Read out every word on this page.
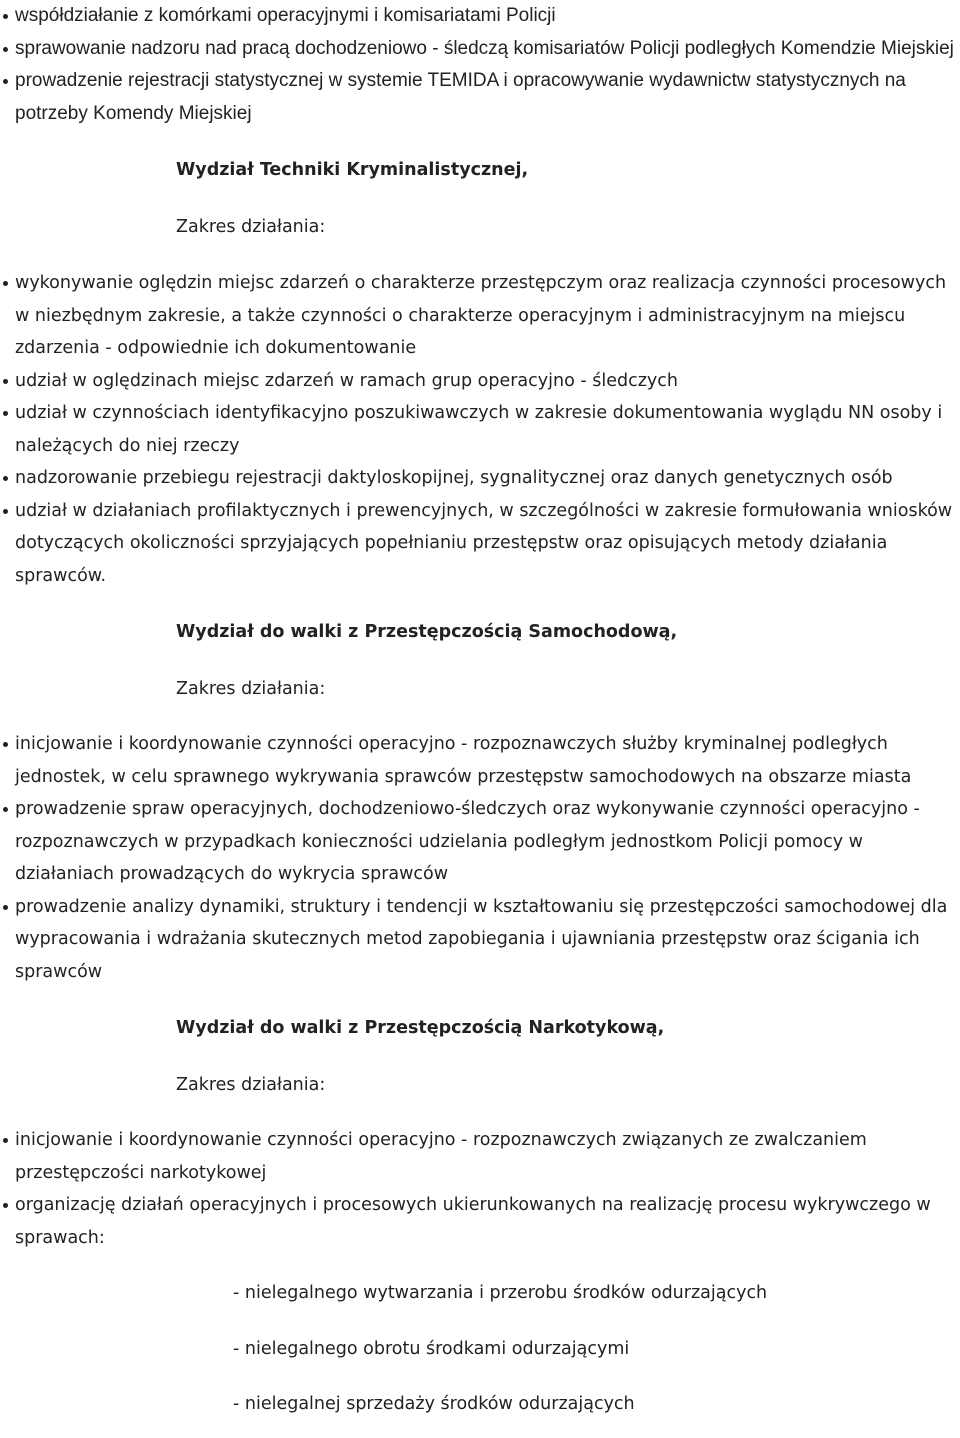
współdziałanie z komórkami operacyjnymi i komisariatami Policji
sprawowanie nadzoru nad pracą dochodzeniowo - śledczą komisariatów Policji podległych Komendzie Miejskiej
prowadzenie rejestracji statystycznej w systemie TEMIDA i opracowywanie wydawnictw statystycznych na potrzeby Komendy Miejskiej

Wydział Techniki Kryminalistycznej,

Zakres działania:

wykonywanie oględzin miejsc zdarzeń o charakterze przestępczym oraz realizacja czynności procesowych w niezbędnym zakresie, a także czynności o charakterze operacyjnym i administracyjnym na miejscu zdarzenia - odpowiednie ich dokumentowanie
udział w oględzinach miejsc zdarzeń w ramach grup operacyjno - śledczych
udział w czynnościach identyfikacyjno poszukiwawczych w zakresie dokumentowania wyglądu NN osoby i należących do niej rzeczy
nadzorowanie przebiegu rejestracji daktyloskopijnej, sygnalitycznej oraz danych genetycznych osób
udział w działaniach profilaktycznych i prewencyjnych, w szczególności w zakresie formułowania wniosków dotyczących okoliczności sprzyjających popełnianiu przestępstw oraz opisujących metody działania sprawców.

Wydział do walki z Przestępczością Samochodową,

Zakres działania:

inicjowanie i koordynowanie czynności operacyjno - rozpoznawczych służby kryminalnej podległych jednostek, w celu sprawnego wykrywania sprawców przestępstw samochodowych na obszarze miasta
prowadzenie spraw operacyjnych, dochodzeniowo-śledczych oraz wykonywanie czynności operacyjno - rozpoznawczych w przypadkach konieczności udzielania podległym jednostkom Policji pomocy w działaniach prowadzących do wykrycia sprawców
prowadzenie analizy dynamiki, struktury i tendencji w kształtowaniu się przestępczości samochodowej dla wypracowania i wdrażania skutecznych metod zapobiegania i ujawniania przestępstw oraz ścigania ich sprawców

Wydział do walki z Przestępczością Narkotykową,

Zakres działania:

inicjowanie i koordynowanie czynności operacyjno - rozpoznawczych związanych ze zwalczaniem przestępczości narkotykowej
organizację działań operacyjnych i procesowych ukierunkowanych na realizację procesu wykrywczego w sprawach:
- nielegalnego wytwarzania i przerobu środków odurzających
- nielegalnego obrotu środkami odurzającymi
- nielegalnej sprzedaży środków odurzających
